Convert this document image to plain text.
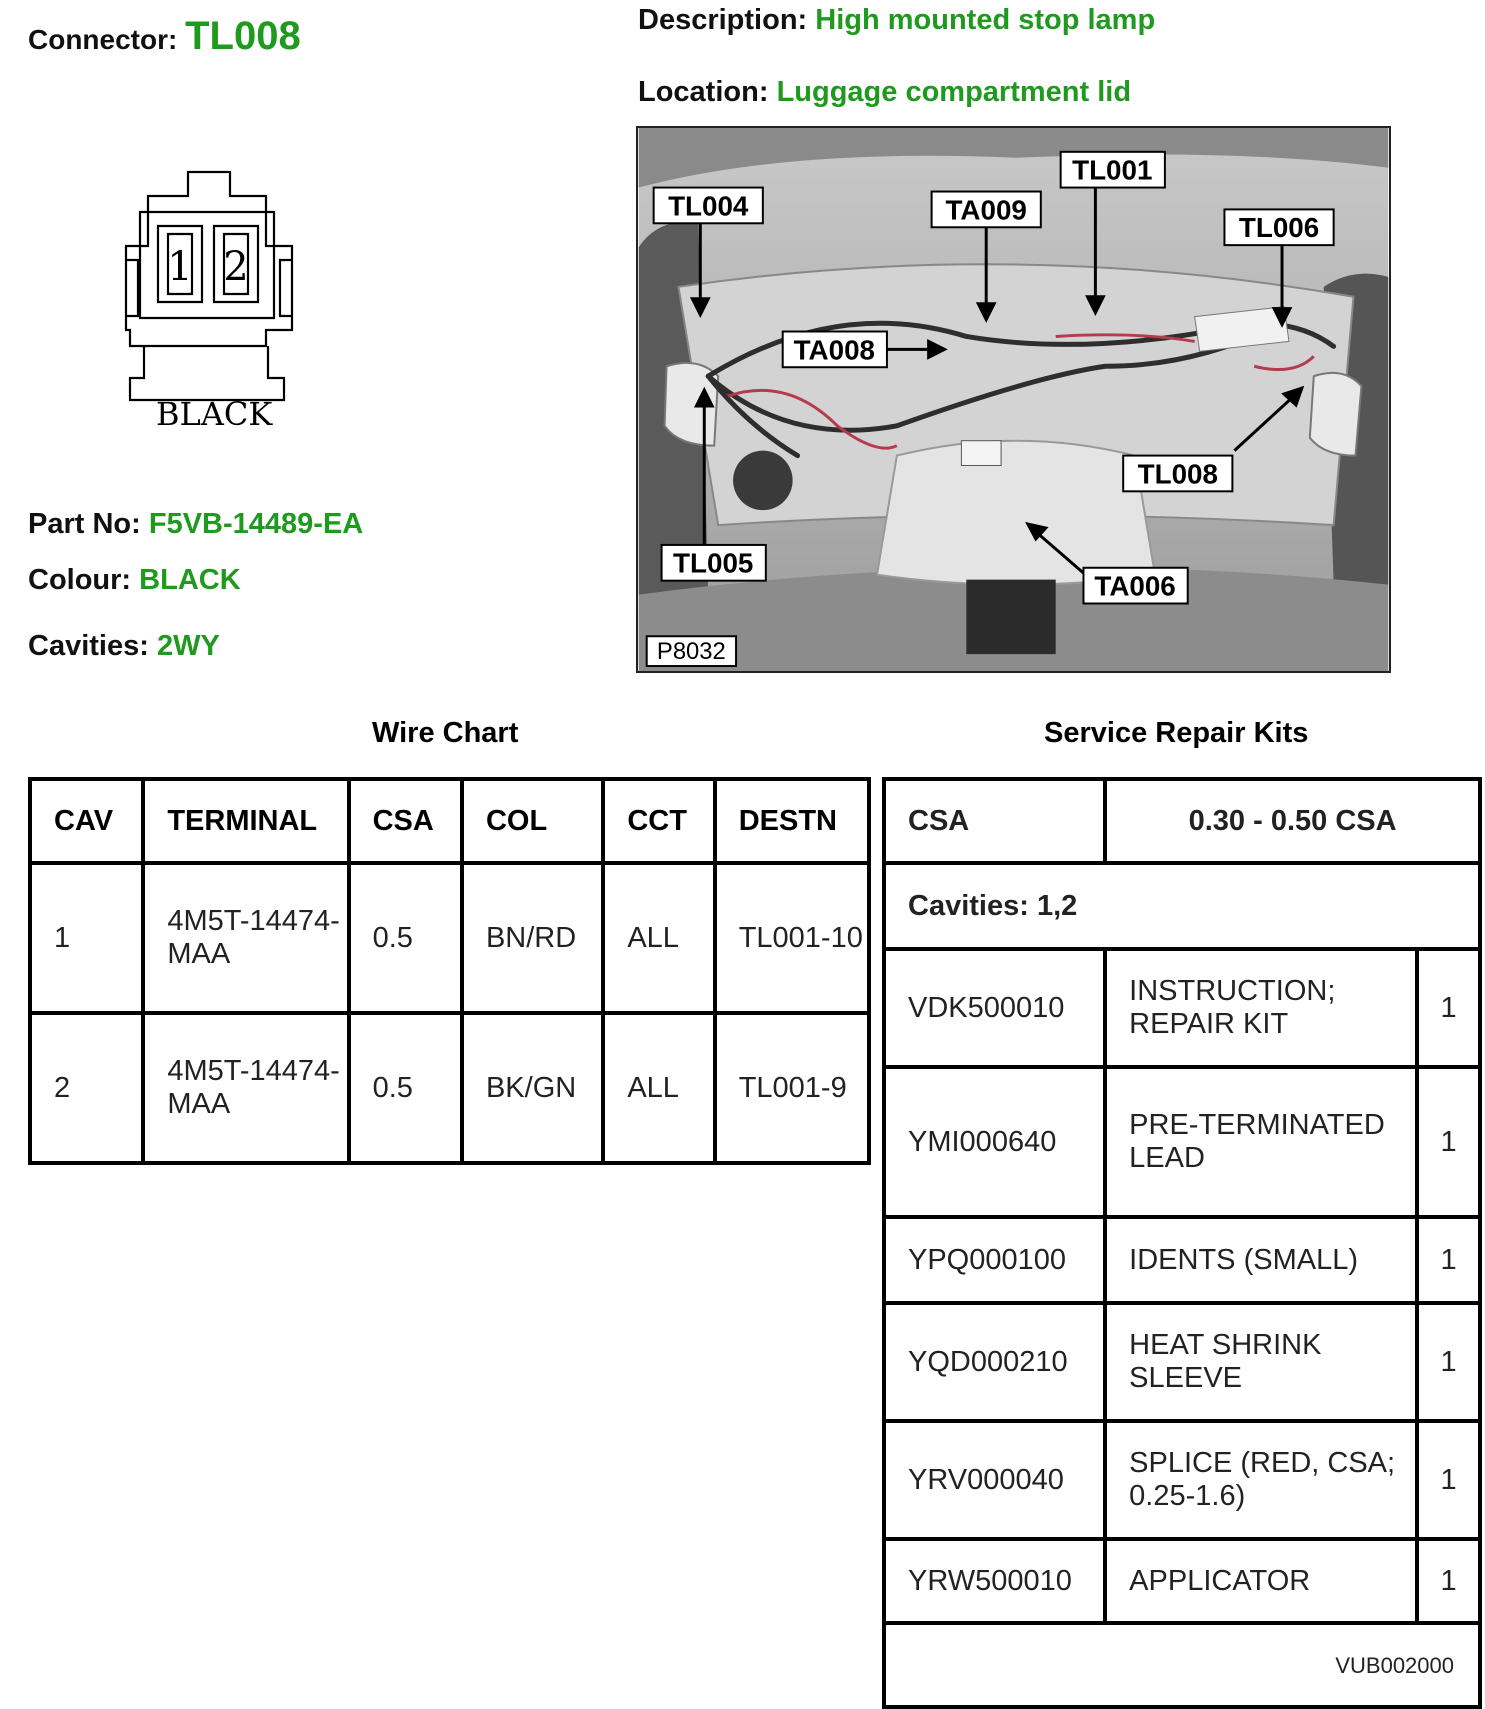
Connector: TL008	Description: High mounted stop lamp
Location: Luggage compartment lid
1 2
BLACK
Part No: F5VB-14489-EA
Colour: BLACK
Cavities: 2WY
TL004
TL001
TA009
TL006
TA008
TL008
TL005
TA006
P8032
Wire Chart	Service Repair Kits
CAV	TERMINAL	CSA	COL	CCT	DESTN
1	4M5T-14474-MAA	0.5	BN/RD	ALL	TL001-10
2	4M5T-14474-MAA	0.5	BK/GN	ALL	TL001-9
CSA	0.30 - 0.50 CSA	
Cavities: 1,2		
VDK500010	INSTRUCTION; REPAIR KIT	1
YMI000640	PRE-TERMINATED LEAD	1
YPQ000100	IDENTS (SMALL)	1
YQD000210	HEAT SHRINK SLEEVE	1
YRV000040	SPLICE (RED, CSA; 0.25-1.6)	1
YRW500010	APPLICATOR	1
VUB002000		
